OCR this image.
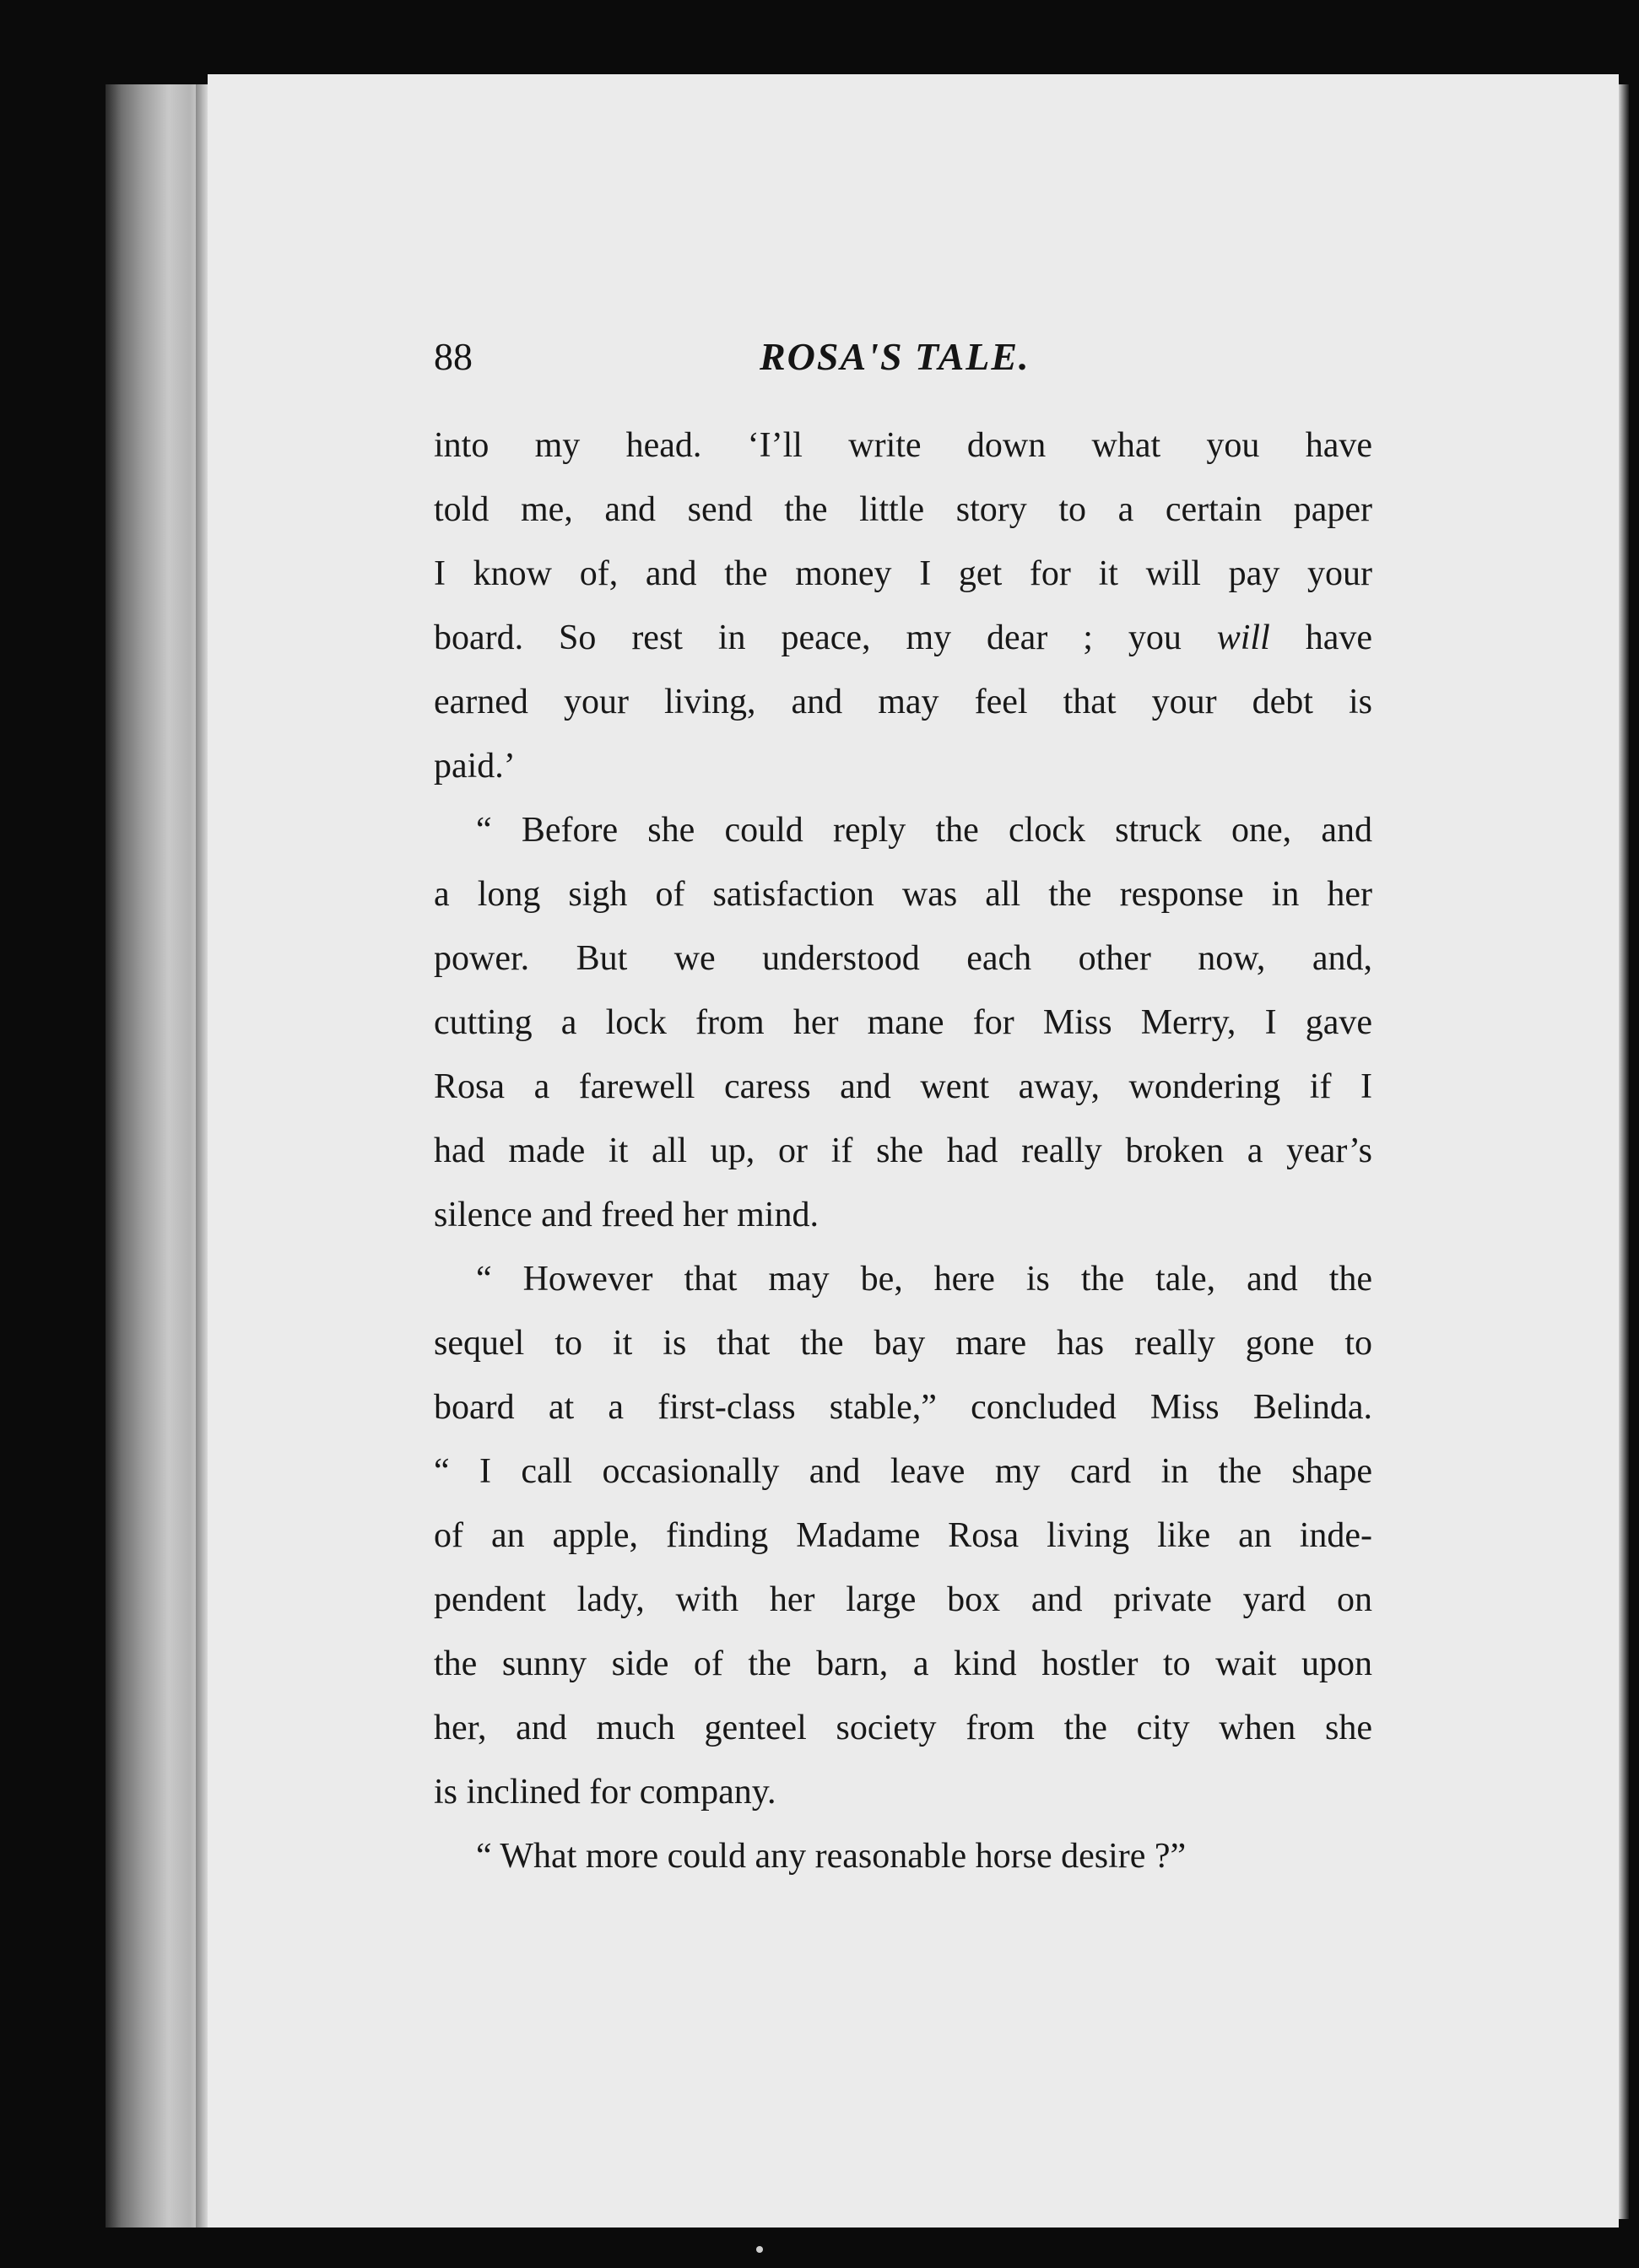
88	ROSA'S TALE.
into my head. ‘I’ll write down what you have
told me, and send the little story to a certain paper
I know of, and the money I get for it will pay your
board. So rest in peace, my dear ; you will have
earned your living, and may feel that your debt is
paid.’
“ Before she could reply the clock struck one, and
a long sigh of satisfaction was all the response in her
power. But we understood each other now, and,
cutting a lock from her mane for Miss Merry, I gave
Rosa a farewell caress and went away, wondering if I
had made it all up, or if she had really broken a year’s
silence and freed her mind.
“ However that may be, here is the tale, and the
sequel to it is that the bay mare has really gone to
board at a first-class stable,” concluded Miss Belinda.
“ I call occasionally and leave my card in the shape
of an apple, finding Madame Rosa living like an inde-
pendent lady, with her large box and private yard on
the sunny side of the barn, a kind hostler to wait upon
her, and much genteel society from the city when she
is inclined for company.
“ What more could any reasonable horse desire ?”
